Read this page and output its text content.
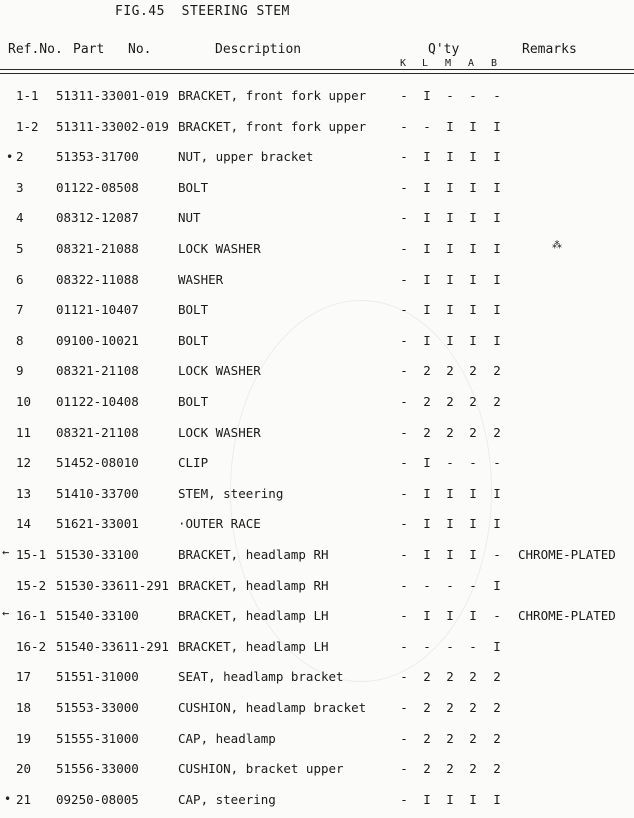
FIG.45  STEERING STEM
Ref.No. Part No.	Description	Q'ty	Remarks
K L M A B
1-1 51311-33001-019 BRACKET, front fork upper	- I - - -
1-2 51311-33002-019 BRACKET, front fork upper	- - I I I
2	51353-31700	NUT, upper bracket	- I I I I
3	01122-08508	BOLT	- I I I I
4	08312-12087	NUT	- I I I I
5	08321-21088	LOCK WASHER	- I I I I
6	08322-11088	WASHER	- I I I I
7	01121-10407	BOLT	- I I I I
8	09100-10021	BOLT	- I I I I
9	08321-21108	LOCK WASHER	- 2 2 2 2
10 01122-10408	BOLT	- 2 2 2 2
11 08321-21108	LOCK WASHER	- 2 2 2 2
12 51452-08010	CLIP	- I - - -
13 51410-33700	STEM, steering	- I I I I
14 51621-33001	·OUTER RACE	- I I I I
15-1 51530-33100	BRACKET, headlamp RH	- I I I - CHROME-PLATED
15-2 51530-33611-291 BRACKET, headlamp RH	- - - - I
16-1 51540-33100	BRACKET, headlamp LH	- I I I - CHROME-PLATED
16-2 51540-33611-291 BRACKET, headlamp LH	- - - - I
17 51551-31000	SEAT, headlamp bracket	- 2 2 2 2
18 51553-33000	CUSHION, headlamp bracket	- 2 2 2 2
19 51555-31000	CAP, headlamp	- 2 2 2 2
20 51556-33000	CUSHION, bracket upper	- 2 2 2 2
21 09250-08005	CAP, steering	- I I I I
•
←
←
•
⁂
